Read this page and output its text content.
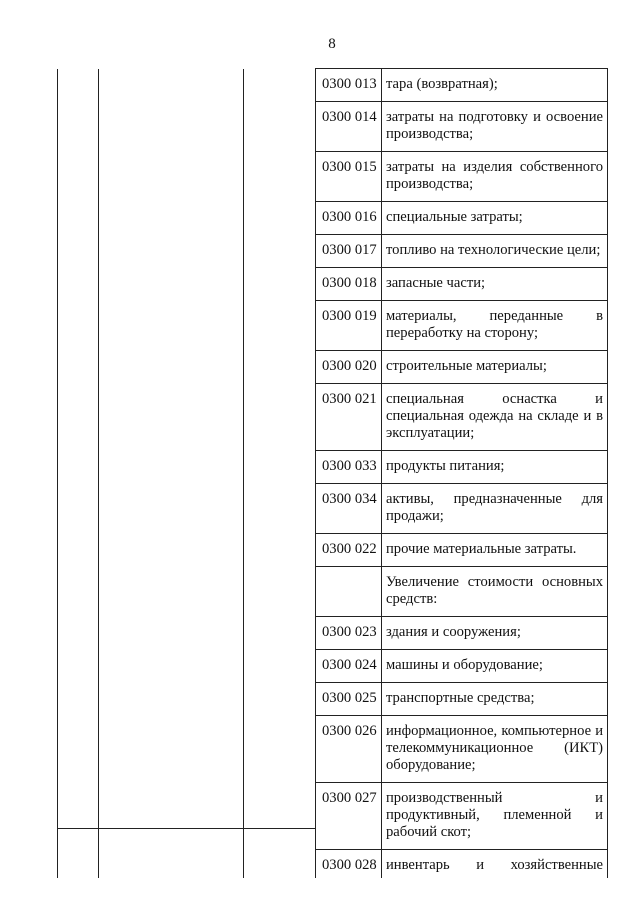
8
			0300 013	тара (возвратная);
			0300 014	затраты на подготовку и освоение производства;
			0300 015	затраты на изделия собственного производства;
			0300 016	специальные затраты;
			0300 017	топливо на технологические цели;
			0300 018	запасные части;
			0300 019	материалы, переданные в переработку на сторону;
			0300 020	строительные материалы;
			0300 021	специальная оснастка и специальная одежда на складе и в эксплуатации;
			0300 033	продукты питания;
			0300 034	активы, предназначенные для продажи;
			0300 022	прочие материальные затраты.
				Увеличение стоимости основных средств:
			0300 023	здания и сооружения;
			0300 024	машины и оборудование;
			0300 025	транспортные средства;
			0300 026	информационное, компьютерное и телекоммуникационное (ИКТ) оборудование;
			0300 027	производственный и продуктивный, племенной и рабочий скот;
			0300 028	инвентарь и хозяйственные
